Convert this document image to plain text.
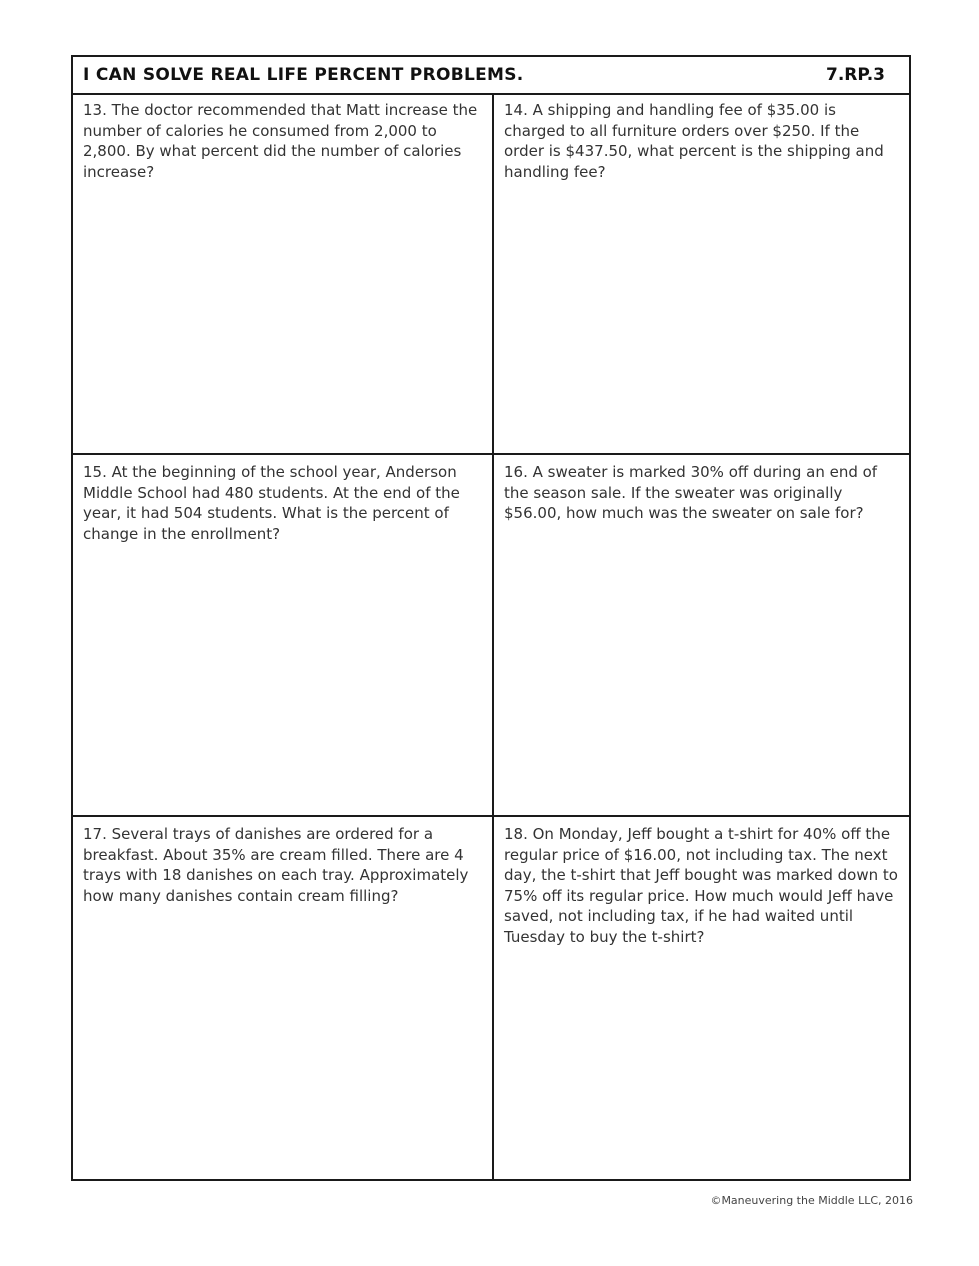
I CAN SOLVE REAL LIFE PERCENT PROBLEMS.	7.RP.3
13. The doctor recommended that Matt increase the number of calories he consumed from 2,000 to 2,800. By what percent did the number of calories increase?
14. A shipping and handling fee of $35.00 is charged to all furniture orders over $250. If the order is $437.50, what percent is the shipping and handling fee?
15. At the beginning of the school year, Anderson Middle School had 480 students. At the end of the year, it had 504 students. What is the percent of change in the enrollment?
16. A sweater is marked 30% off during an end of the season sale. If the sweater was originally $56.00, how much was the sweater on sale for?
17. Several trays of danishes are ordered for a breakfast. About 35% are cream filled. There are 4 trays with 18 danishes on each tray. Approximately how many danishes contain cream filling?
18. On Monday, Jeff bought a t-shirt for 40% off the regular price of $16.00, not including tax. The next day, the t-shirt that Jeff bought was marked down to 75% off its regular price. How much would Jeff have saved, not including tax, if he had waited until Tuesday to buy the t-shirt?
©Maneuvering the Middle LLC, 2016
